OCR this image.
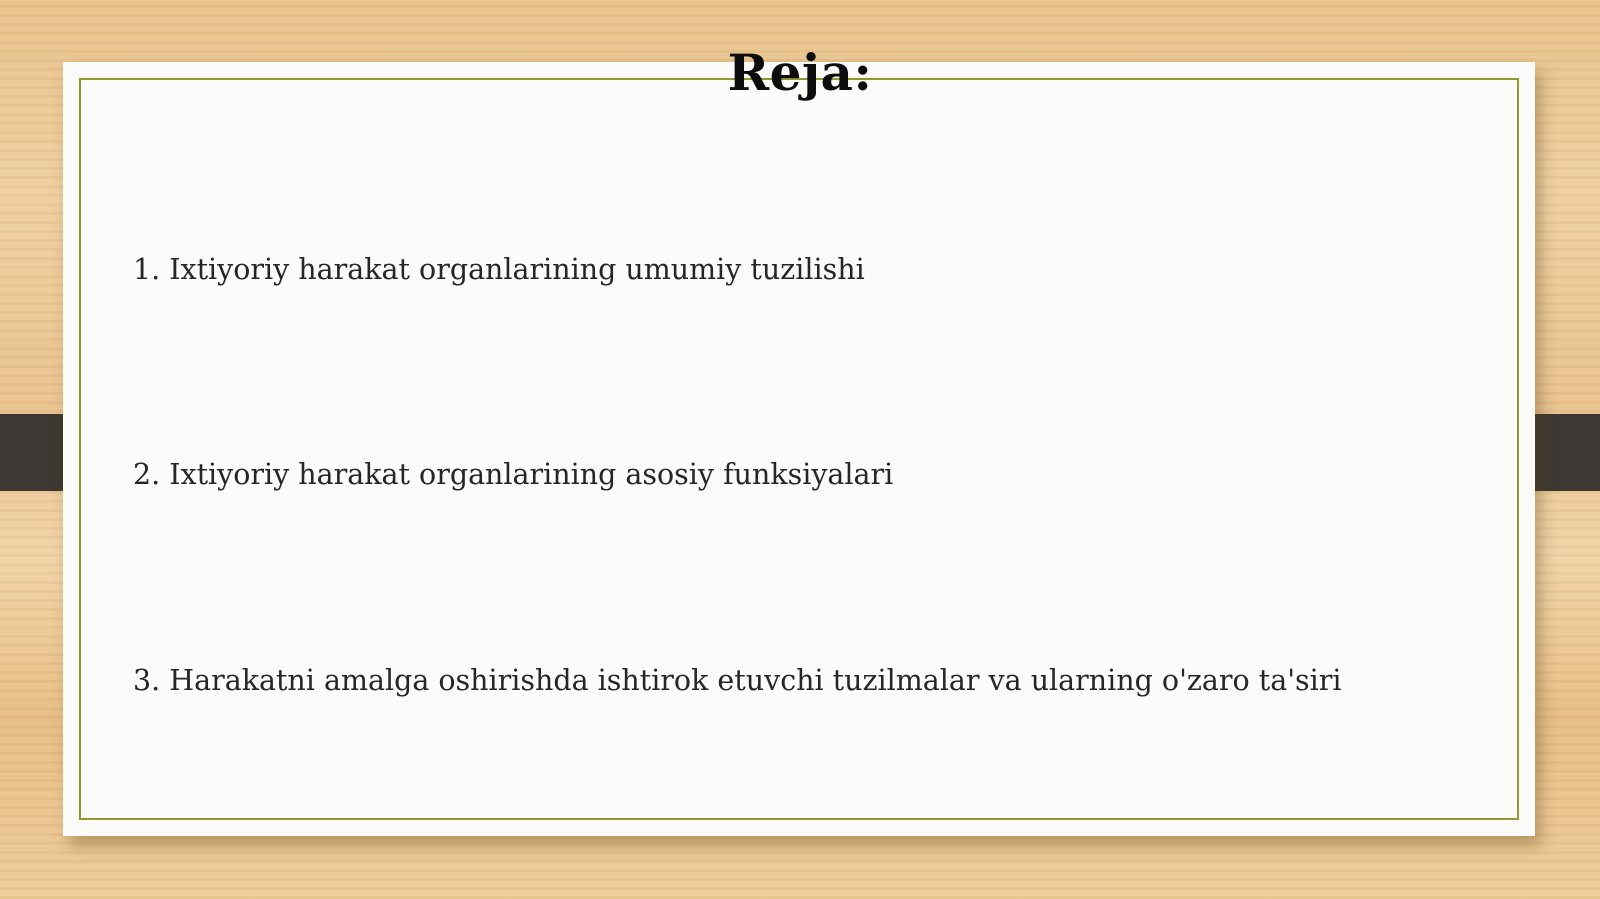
Reja:
1. Ixtiyoriy harakat organlarining umumiy tuzilishi
2. Ixtiyoriy harakat organlarining asosiy funksiyalari
3. Harakatni amalga oshirishda ishtirok etuvchi tuzilmalar va ularning o'zaro ta'siri
